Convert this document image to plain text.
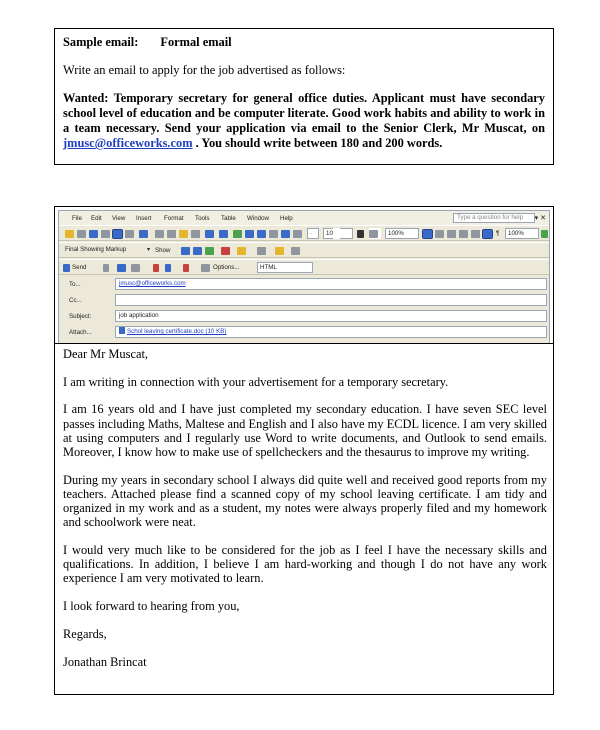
Sample email: Formal email
Write an email to apply for the job advertised as follows:
Wanted: Temporary secretary for general office duties. Applicant must have secondary school level of education and be computer literate. Good work habits and ability to work in a team necessary. Send your application via email to the Senior Clerk, Mr Muscat, on jmusc@officeworks.com . You should write between 180 and 200 words.
File Edit View Insert Format Tools Table Window Help	Type a question for help	▾ ✕
·	10	100%	¶	100%
Final Showing Markup	▾ Show
Send	Options...	HTML
To...	jmusc@officeworks.com
Cc...
Subject:	job application
Attach...	Schol leaving certificate.doc (10 KB)

Dear Mr Muscat,

I am writing in connection with your advertisement for a temporary secretary.

I am 16 years old and I have just completed my secondary education. I have seven SEC level passes including Maths, Maltese and English and I also have my ECDL licence. I am very skilled at using computers and I regularly use Word to write documents, and Outlook to send emails. Moreover, I know how to make use of spellcheckers and the thesaurus to improve my writing.

During my years in secondary school I always did quite well and received good reports from my teachers. Attached please find a scanned copy of my school leaving certificate. I am tidy and organized in my work and as a student, my notes were always properly filed and my homework and schoolwork were neat.

I would very much like to be considered for the job as I feel I have the necessary skills and qualifications. In addition, I believe I am hard-working and though I do not have any work experience I am very motivated to learn.

I look forward to hearing from you,

Regards,

Jonathan Brincat
